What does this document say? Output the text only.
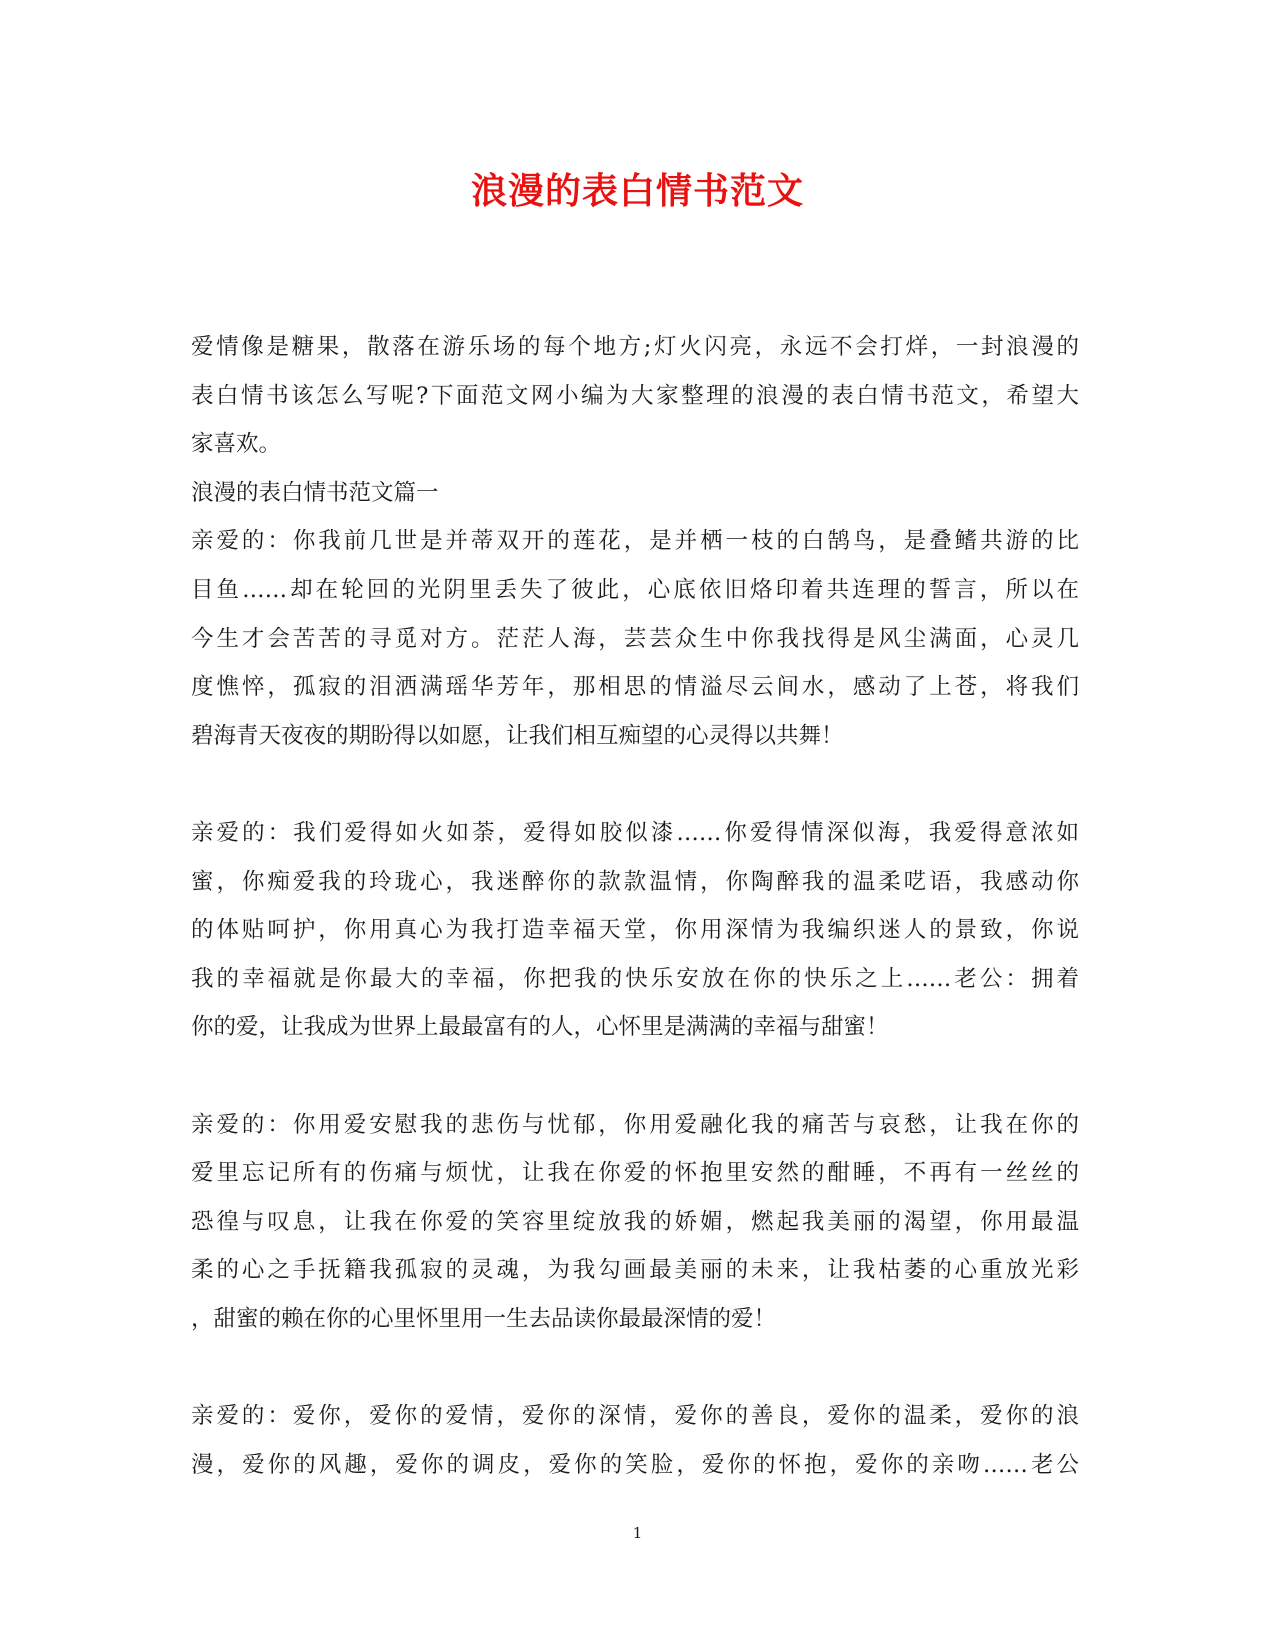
浪漫的表白情书范文
爱情像是糖果，散落在游乐场的每个地方;灯火闪亮，永远不会打烊，一封浪漫的
表白情书该怎么写呢?下面范文网小编为大家整理的浪漫的表白情书范文，希望大
家喜欢。
浪漫的表白情书范文篇一
亲爱的：你我前几世是并蒂双开的莲花，是并栖一枝的白鹄鸟，是叠鳍共游的比
目鱼……却在轮回的光阴里丢失了彼此，心底依旧烙印着共连理的誓言，所以在
今生才会苦苦的寻觅对方。茫茫人海，芸芸众生中你我找得是风尘满面，心灵几
度憔悴，孤寂的泪洒满瑶华芳年，那相思的情溢尽云间水，感动了上苍，将我们
碧海青天夜夜的期盼得以如愿，让我们相互痴望的心灵得以共舞！
亲爱的：我们爱得如火如荼，爱得如胶似漆……你爱得情深似海，我爱得意浓如
蜜，你痴爱我的玲珑心，我迷醉你的款款温情，你陶醉我的温柔呓语，我感动你
的体贴呵护，你用真心为我打造幸福天堂，你用深情为我编织迷人的景致，你说
我的幸福就是你最大的幸福，你把我的快乐安放在你的快乐之上……老公：拥着
你的爱，让我成为世界上最最富有的人，心怀里是满满的幸福与甜蜜！
亲爱的：你用爱安慰我的悲伤与忧郁，你用爱融化我的痛苦与哀愁，让我在你的
爱里忘记所有的伤痛与烦忧，让我在你爱的怀抱里安然的酣睡，不再有一丝丝的
恐徨与叹息，让我在你爱的笑容里绽放我的娇媚，燃起我美丽的渴望，你用最温
柔的心之手抚籍我孤寂的灵魂，为我勾画最美丽的未来，让我枯萎的心重放光彩
，甜蜜的赖在你的心里怀里用一生去品读你最最深情的爱！
亲爱的：爱你，爱你的爱情，爱你的深情，爱你的善良，爱你的温柔，爱你的浪
漫，爱你的风趣，爱你的调皮，爱你的笑脸，爱你的怀抱，爱你的亲吻……老公
1
